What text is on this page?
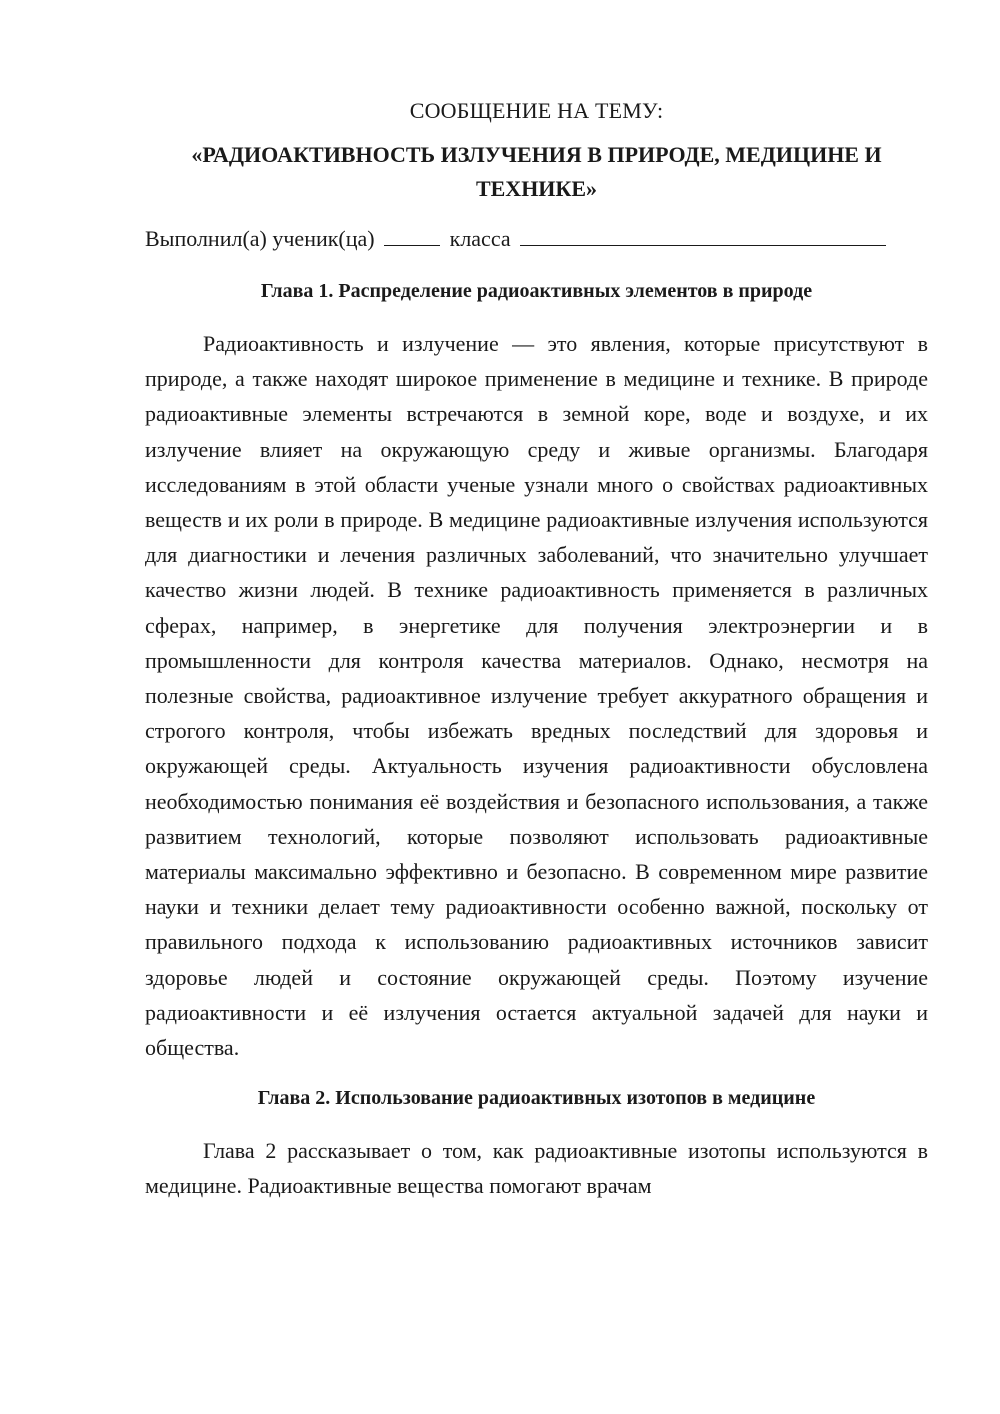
СООБЩЕНИЕ НА ТЕМУ:
«РАДИОАКТИВНОСТЬ ИЗЛУЧЕНИЯ В ПРИРОДЕ, МЕДИЦИНЕ И ТЕХНИКЕ»
Выполнил(а) ученик(ца)	класса
Глава 1. Распределение радиоактивных элементов в природе

Радиоактивность и излучение — это явления, которые присутствуют в природе, а также находят широкое применение в медицине и технике. В природе радиоактивные элементы встречаются в земной коре, воде и воздухе, и их излучение влияет на окружающую среду и живые организмы. Благодаря исследованиям в этой области ученые узнали много о свойствах радиоактивных веществ и их роли в природе. В медицине радиоактивные излучения используются для диагностики и лечения различных заболеваний, что значительно улучшает качество жизни людей. В технике радиоактивность применяется в различных сферах, например, в энергетике для получения электроэнергии и в промышленности для контроля качества материалов. Однако, несмотря на полезные свойства, радиоактивное излучение требует аккуратного обращения и строгого контроля, чтобы избежать вредных последствий для здоровья и окружающей среды. Актуальность изучения радиоактивности обусловлена необходимостью понимания её воздействия и безопасного использования, а также развитием технологий, которые позволяют использовать радиоактивные материалы максимально эффективно и безопасно. В современном мире развитие науки и техники делает тему радиоактивности особенно важной, поскольку от правильного подхода к использованию радиоактивных источников зависит здоровье людей и состояние окружающей среды. Поэтому изучение радиоактивности и её излучения остается актуальной задачей для науки и общества.

Глава 2. Использование радиоактивных изотопов в медицине

Глава 2 рассказывает о том, как радиоактивные изотопы используются в медицине. Радиоактивные вещества помогают врачам
